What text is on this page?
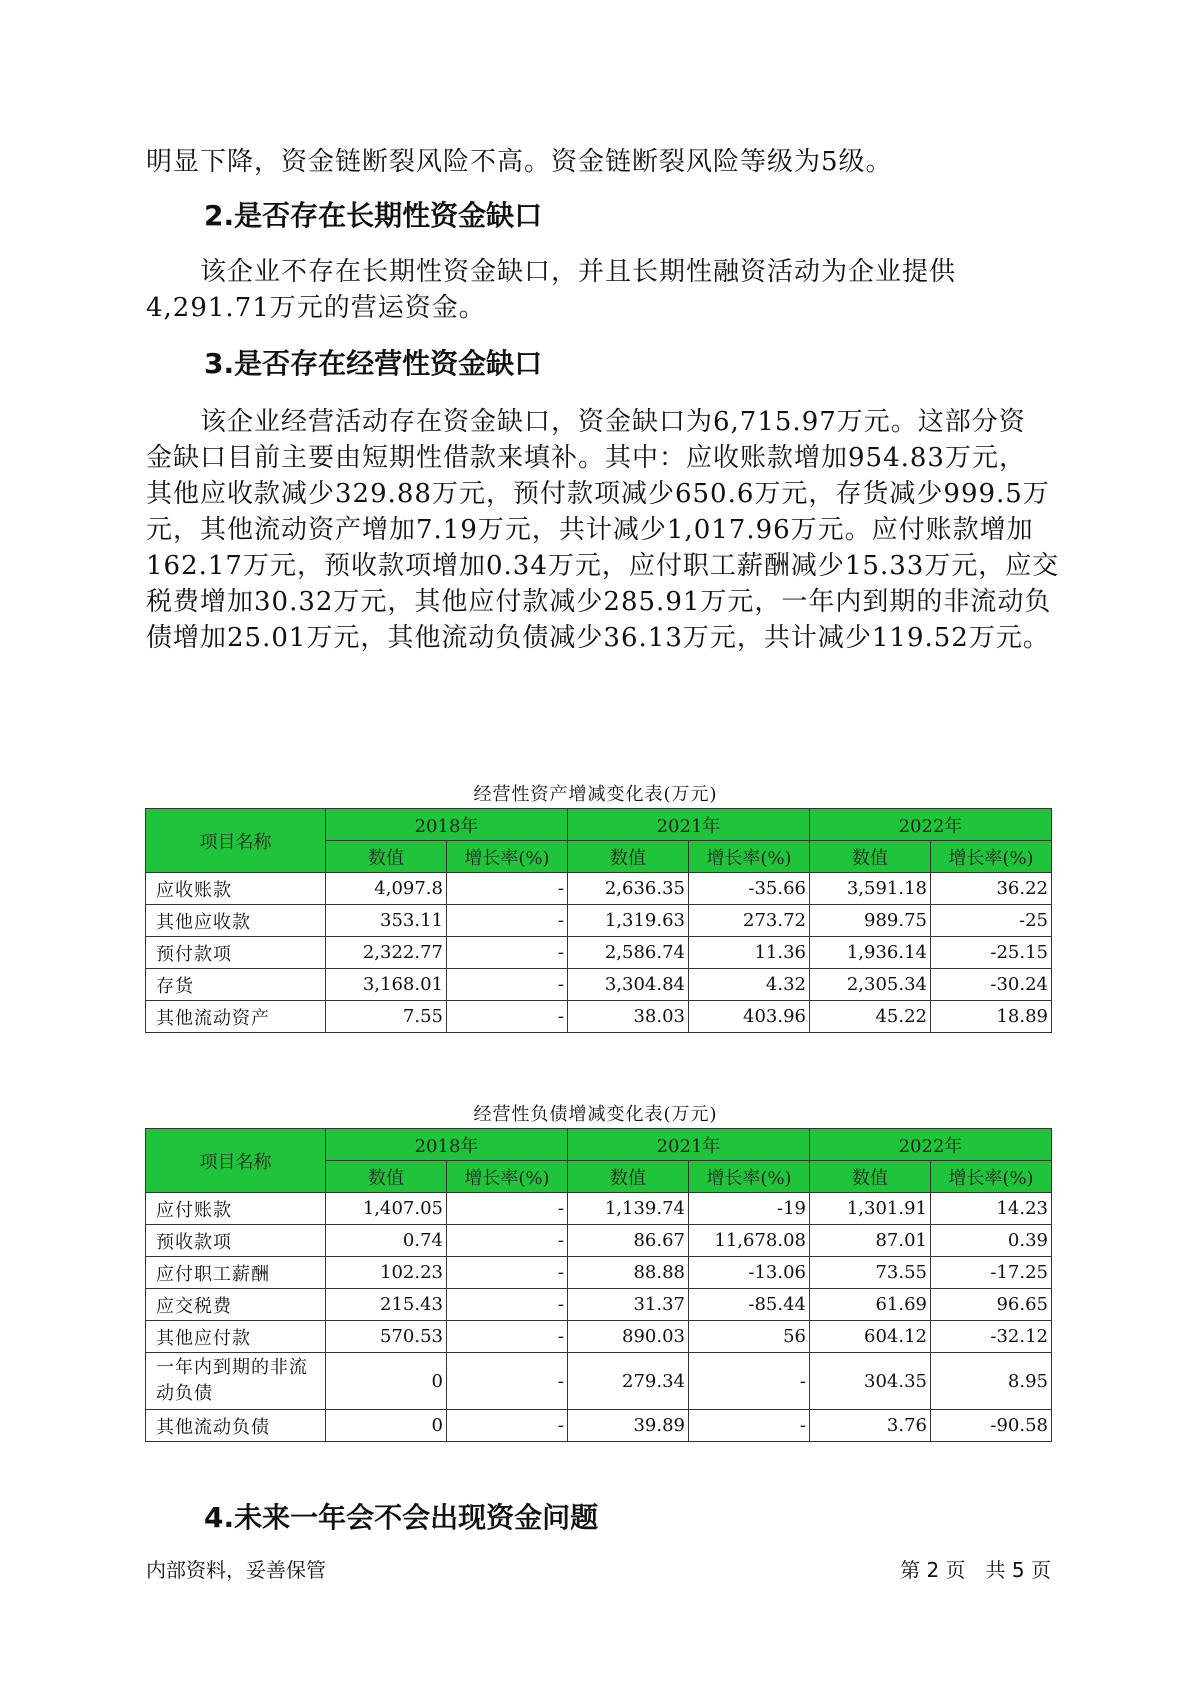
明显下降，资金链断裂风险不高。资金链断裂风险等级为5级。
2.是否存在长期性资金缺口
　　该企业不存在长期性资金缺口，并且长期性融资活动为企业提供
4,291.71万元的营运资金。
3.是否存在经营性资金缺口
　　该企业经营活动存在资金缺口，资金缺口为6,715.97万元。这部分资
金缺口目前主要由短期性借款来填补。其中：应收账款增加954.83万元，
其他应收款减少329.88万元，预付款项减少650.6万元，存货减少999.5万
元，其他流动资产增加7.19万元，共计减少1,017.96万元。应付账款增加
162.17万元，预收款项增加0.34万元，应付职工薪酬减少15.33万元，应交
税费增加30.32万元，其他应付款减少285.91万元，一年内到期的非流动负
债增加25.01万元，其他流动负债减少36.13万元，共计减少119.52万元。
经营性资产增减变化表(万元)
项目名称	2018年		2021年		2022年	
	数值	增长率(%)	数值	增长率(%)	数值	增长率(%)
应收账款	4,097.8	-	2,636.35	-35.66	3,591.18	36.22
其他应收款	353.11	-	1,319.63	273.72	989.75	-25
预付款项	2,322.77	-	2,586.74	11.36	1,936.14	-25.15
存货	3,168.01	-	3,304.84	4.32	2,305.34	-30.24
其他流动资产	7.55	-	38.03	403.96	45.22	18.89
经营性负债增减变化表(万元)
项目名称	2018年		2021年		2022年	
	数值	增长率(%)	数值	增长率(%)	数值	增长率(%)
应付账款	1,407.05	-	1,139.74	-19	1,301.91	14.23
预收款项	0.74	-	86.67	11,678.08	87.01	0.39
应付职工薪酬	102.23	-	88.88	-13.06	73.55	-17.25
应交税费	215.43	-	31.37	-85.44	61.69	96.65
其他应付款	570.53	-	890.03	56	604.12	-32.12
一年内到期的非流动负债	0	-	279.34	-	304.35	8.95
其他流动负债	0	-	39.89	-	3.76	-90.58
4.未来一年会不会出现资金问题
内部资料，妥善保管	第 2 页　共 5 页
